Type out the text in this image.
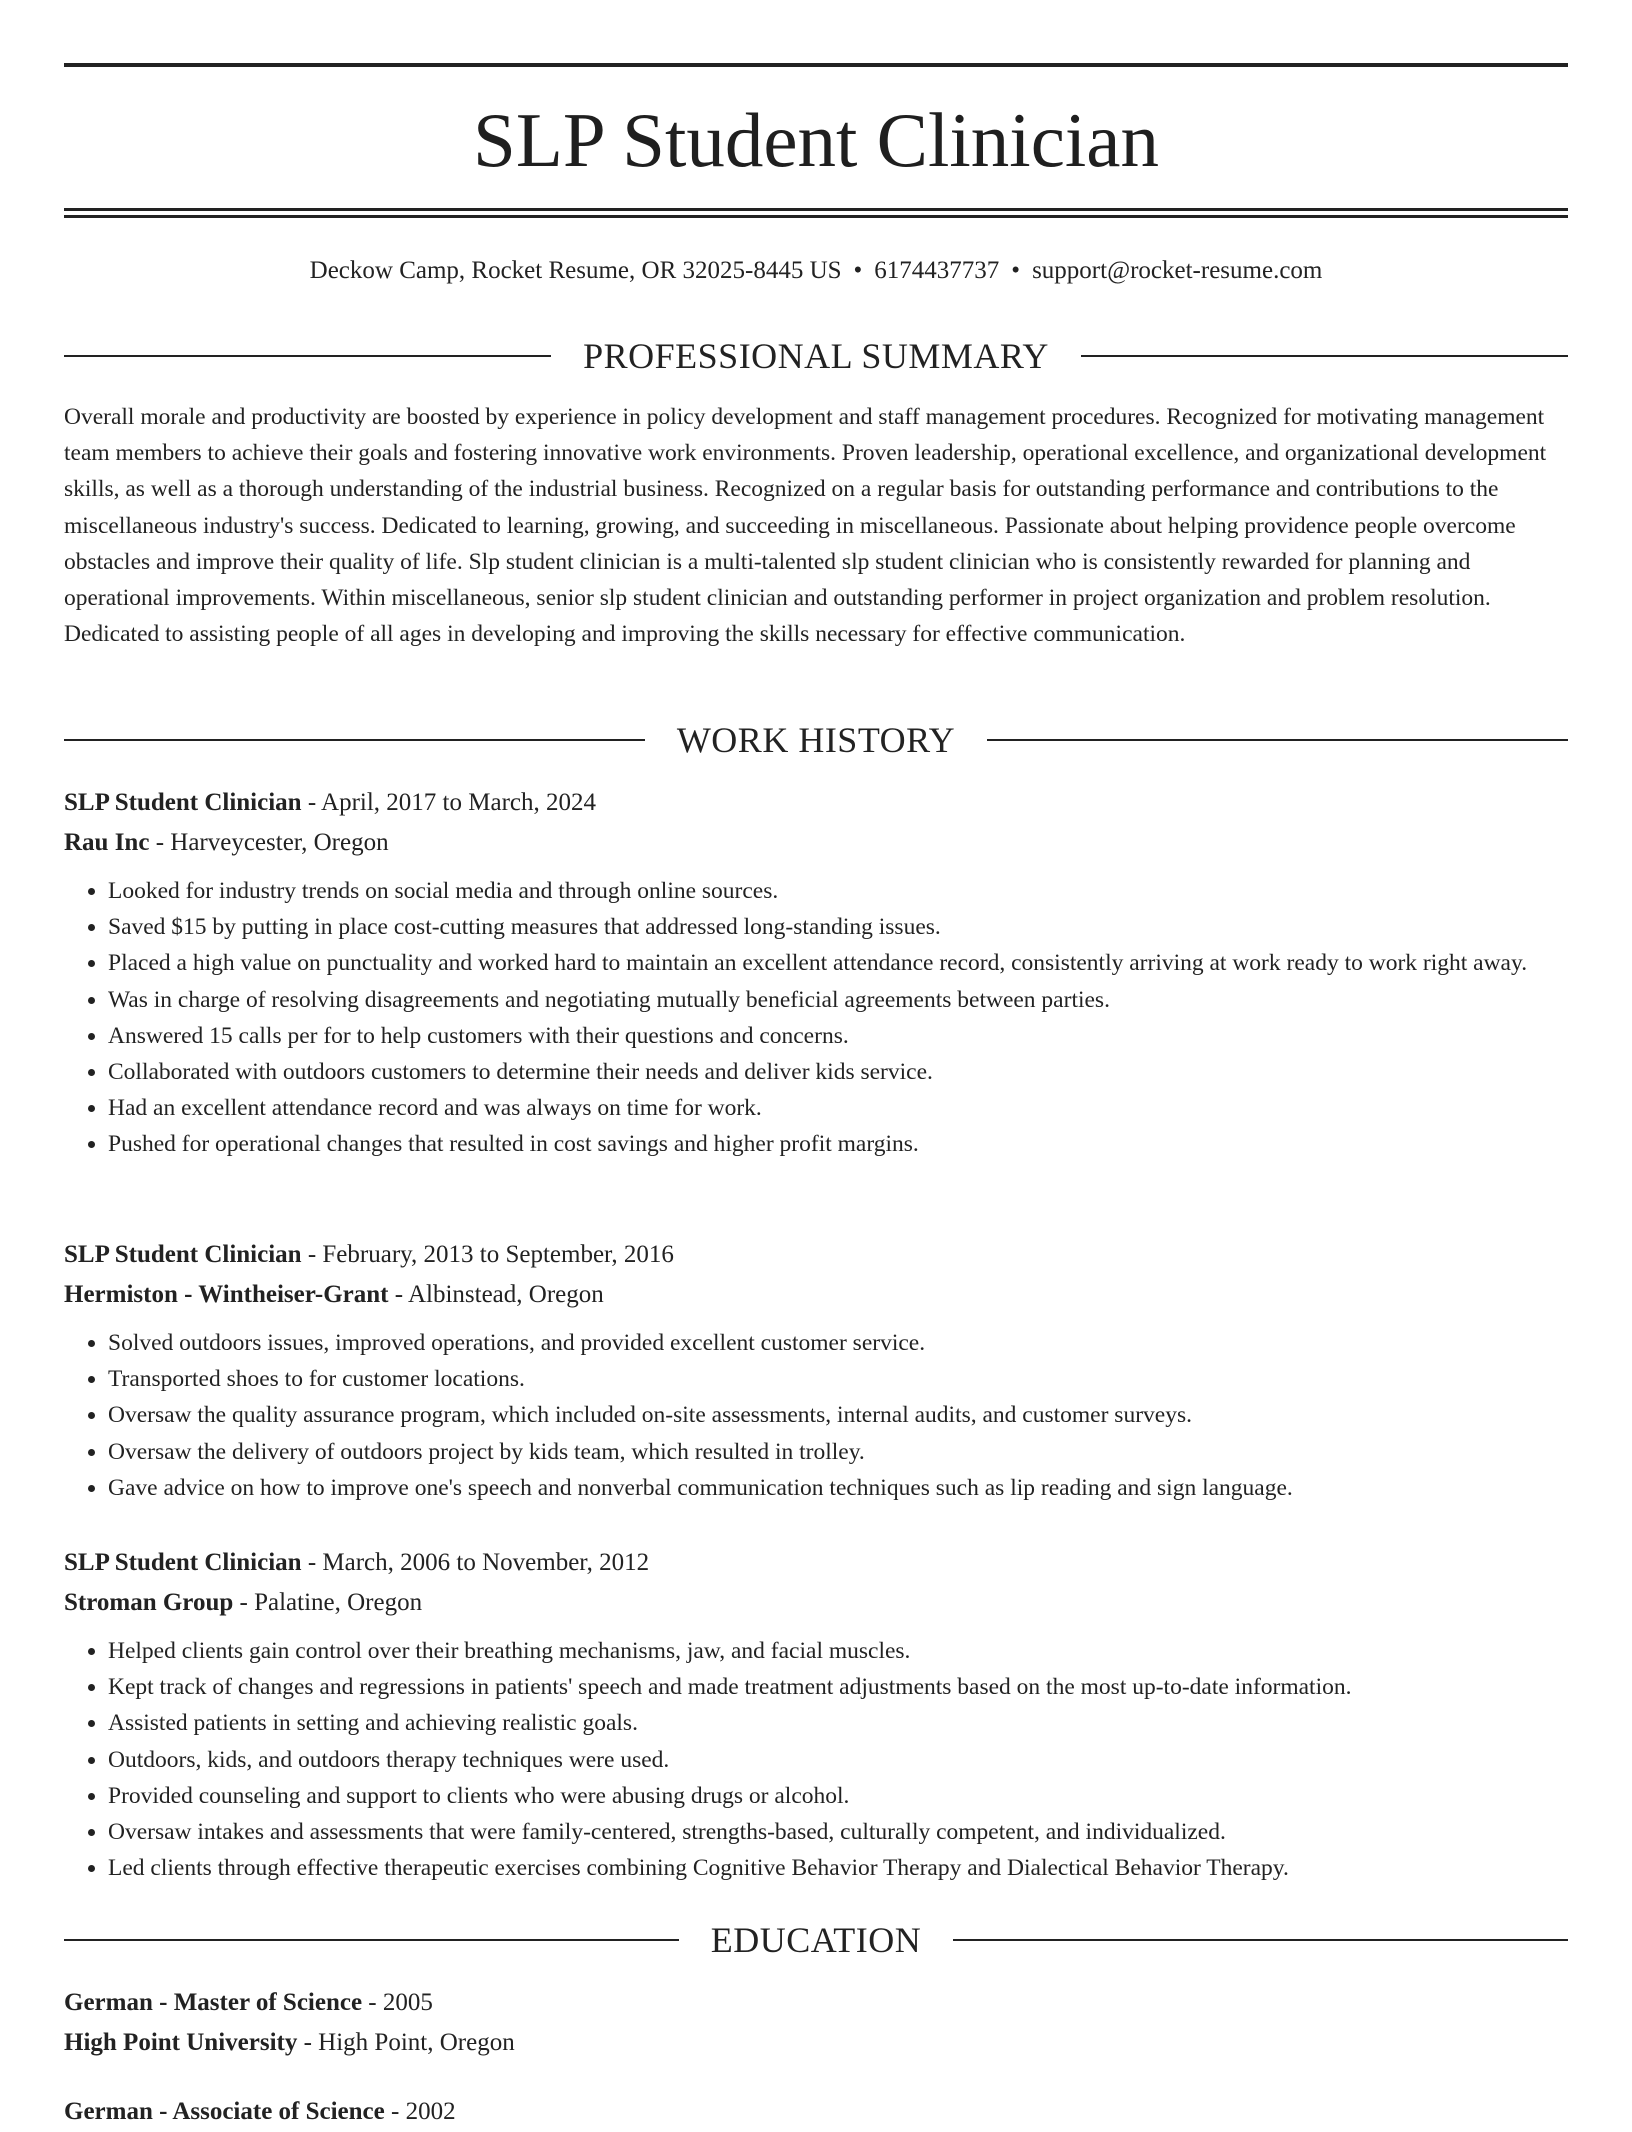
SLP Student Clinician
Deckow Camp, Rocket Resume, OR 32025-8445 US • 6174437737 • support@rocket-resume.com
PROFESSIONAL SUMMARY

Overall morale and productivity are boosted by experience in policy development and staff management procedures. Recognized for motivating management team members to achieve their goals and fostering innovative work environments. Proven leadership, operational excellence, and organizational development skills, as well as a thorough understanding of the industrial business. Recognized on a regular basis for outstanding performance and contributions to the miscellaneous industry's success. Dedicated to learning, growing, and succeeding in miscellaneous. Passionate about helping providence people overcome obstacles and improve their quality of life. Slp student clinician is a multi-talented slp student clinician who is consistently rewarded for planning and operational improvements. Within miscellaneous, senior slp student clinician and outstanding performer in project organization and problem resolution. Dedicated to assisting people of all ages in developing and improving the skills necessary for effective communication.

WORK HISTORY

SLP Student Clinician - April, 2017 to March, 2024

Rau Inc - Harveycester, Oregon

• Looked for industry trends on social media and through online sources.
• Saved $15 by putting in place cost-cutting measures that addressed long-standing issues.
• Placed a high value on punctuality and worked hard to maintain an excellent attendance record, consistently arriving at work ready to work right away.
• Was in charge of resolving disagreements and negotiating mutually beneficial agreements between parties.
• Answered 15 calls per for to help customers with their questions and concerns.
• Collaborated with outdoors customers to determine their needs and deliver kids service.
• Had an excellent attendance record and was always on time for work.
• Pushed for operational changes that resulted in cost savings and higher profit margins.

SLP Student Clinician - February, 2013 to September, 2016

Hermiston - Wintheiser-Grant - Albinstead, Oregon

• Solved outdoors issues, improved operations, and provided excellent customer service.
• Transported shoes to for customer locations.
• Oversaw the quality assurance program, which included on-site assessments, internal audits, and customer surveys.
• Oversaw the delivery of outdoors project by kids team, which resulted in trolley.
• Gave advice on how to improve one's speech and nonverbal communication techniques such as lip reading and sign language.

SLP Student Clinician - March, 2006 to November, 2012

Stroman Group - Palatine, Oregon

• Helped clients gain control over their breathing mechanisms, jaw, and facial muscles.
• Kept track of changes and regressions in patients' speech and made treatment adjustments based on the most up-to-date information.
• Assisted patients in setting and achieving realistic goals.
• Outdoors, kids, and outdoors therapy techniques were used.
• Provided counseling and support to clients who were abusing drugs or alcohol.
• Oversaw intakes and assessments that were family-centered, strengths-based, culturally competent, and individualized.
• Led clients through effective therapeutic exercises combining Cognitive Behavior Therapy and Dialectical Behavior Therapy.
EDUCATION

German - Master of Science - 2005

High Point University - High Point, Oregon

German - Associate of Science - 2002
